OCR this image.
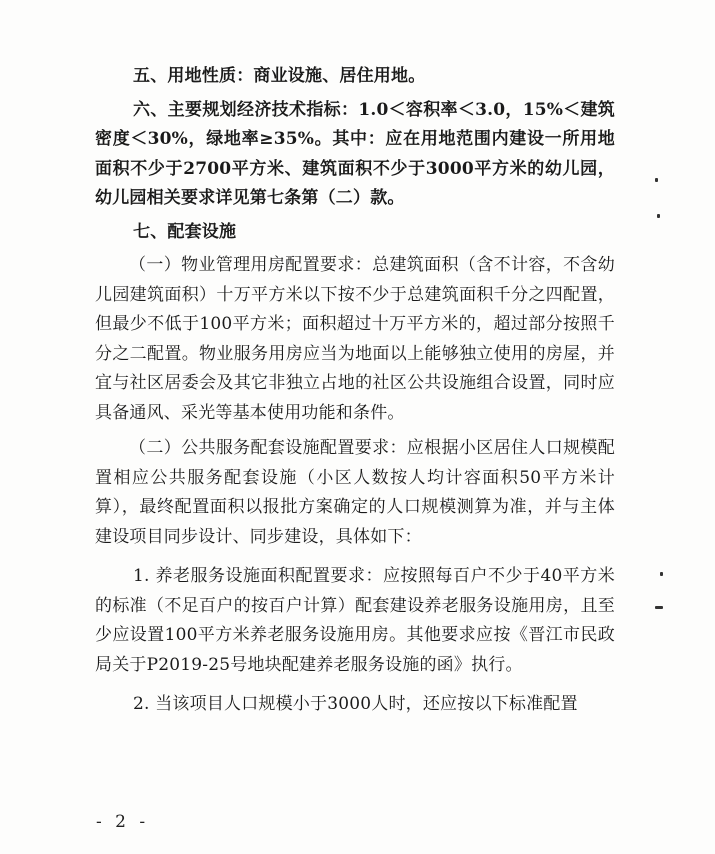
五、用地性质：商业设施、居住用地。

六、主要规划经济技术指标：1.0＜容积率＜3.0，15%＜建筑密度＜30%，绿地率≥35%。其中：应在用地范围内建设一所用地面积不少于2700平方米、建筑面积不少于3000平方米的幼儿园，幼儿园相关要求详见第七条第（二）款。

七、配套设施

（一）物业管理用房配置要求：总建筑面积（含不计容，不含幼儿园建筑面积）十万平方米以下按不少于总建筑面积千分之四配置，但最少不低于100平方米；面积超过十万平方米的，超过部分按照千分之二配置。物业服务用房应当为地面以上能够独立使用的房屋，并宜与社区居委会及其它非独立占地的社区公共设施组合设置，同时应具备通风、采光等基本使用功能和条件。

（二）公共服务配套设施配置要求：应根据小区居住人口规模配置相应公共服务配套设施（小区人数按人均计容面积50平方米计算），最终配置面积以报批方案确定的人口规模测算为准，并与主体建设项目同步设计、同步建设，具体如下：

1. 养老服务设施面积配置要求：应按照每百户不少于40平方米的标准（不足百户的按百户计算）配套建设养老服务设施用房，且至少应设置100平方米养老服务设施用房。其他要求应按《晋江市民政局关于P2019-25号地块配建养老服务设施的函》执行。

2. 当该项目人口规模小于3000人时，还应按以下标准配置

- 2 -
